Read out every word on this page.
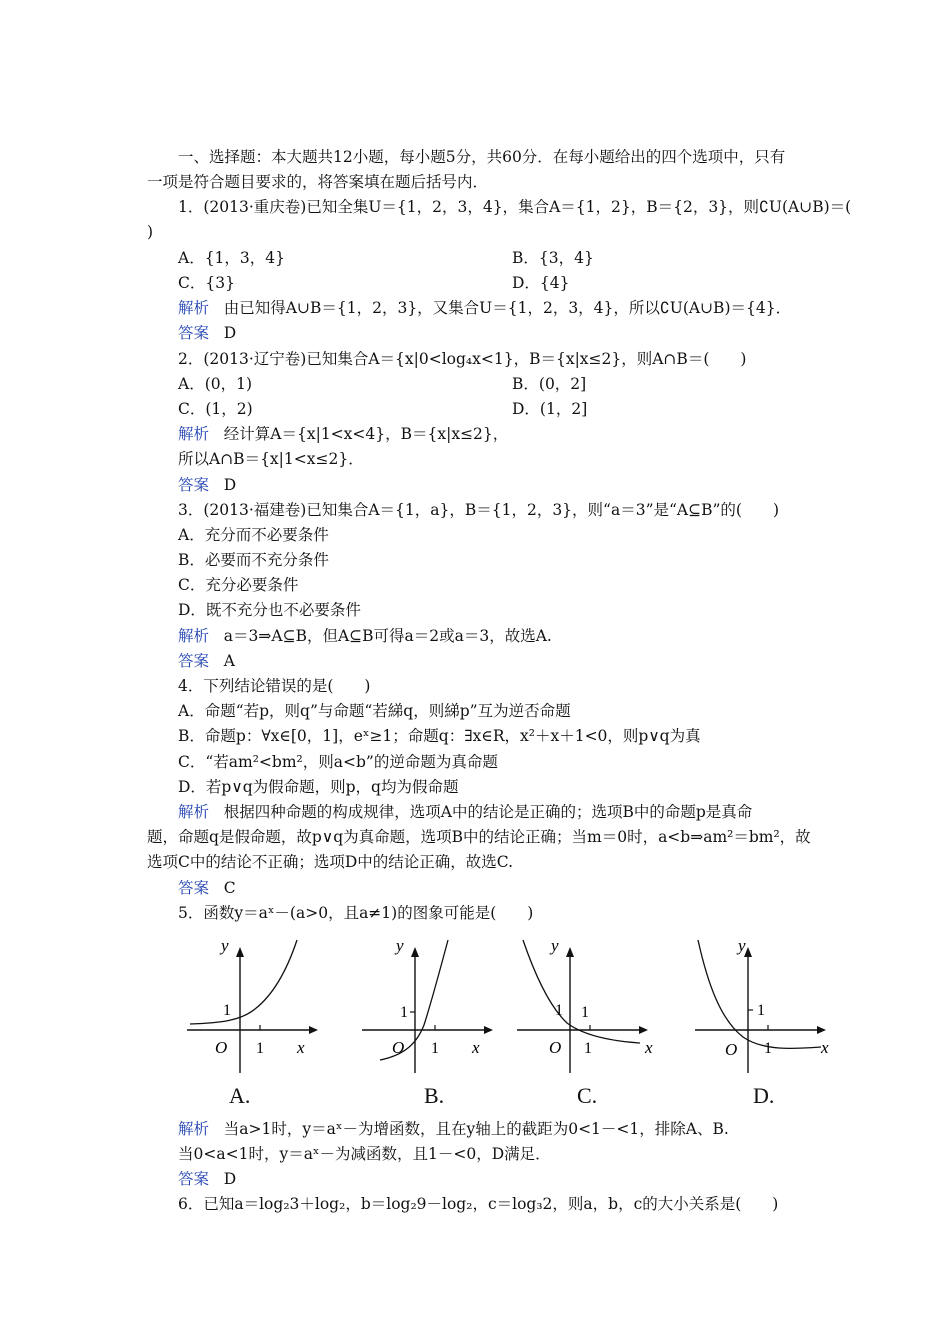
一、选择题：本大题共12小题，每小题5分，共60分．在每小题给出的四个选项中，只有
一项是符合题目要求的，将答案填在题后括号内．
1．(2013·重庆卷)已知全集U＝{1，2，3，4}，集合A＝{1，2}，B＝{2，3}，则∁U(A∪B)＝(
)
A．{1，3，4}	B．{3，4}
C．{3}	D．{4}
解析 由已知得A∪B＝{1，2，3}，又集合U＝{1，2，3，4}，所以∁U(A∪B)＝{4}．
答案 D
2．(2013·辽宁卷)已知集合A＝{x|0<log₄x<1}，B＝{x|x≤2}，则A∩B＝(　　)
A．(0，1)	B．(0，2]
C．(1，2)	D．(1，2]
解析 经计算A＝{x|1<x<4}，B＝{x|x≤2}，
所以A∩B＝{x|1<x≤2}．
答案 D
3．(2013·福建卷)已知集合A＝{1，a}，B＝{1，2，3}，则“a＝3”是“A⊆B”的(　　)
A．充分而不必要条件
B．必要而不充分条件
C．充分必要条件
D．既不充分也不必要条件
解析 a＝3⇒A⊆B，但A⊆B可得a＝2或a＝3，故选A.
答案 A
4．下列结论错误的是(　　)
A．命题“若p，则q”与命题“若綈q，则綈p”互为逆否命题
B．命题p：∀x∈[0，1]，eˣ≥1；命题q：∃x∈R，x²＋x＋1<0，则p∨q为真
C．“若am²<bm²，则a<b”的逆命题为真命题
D．若p∨q为假命题，则p，q均为假命题
解析 根据四种命题的构成规律，选项A中的结论是正确的；选项B中的命题p是真命
题，命题q是假命题，故p∨q为真命题，选项B中的结论正确；当m＝0时，a<b⇒am²＝bm²，故
选项C中的结论不正确；选项D中的结论正确，故选C.
答案 C
5．函数y＝aˣ－(a>0，且a≠1)的图象可能是(　　)
y
1
O 1 x
A.
y
1
O 1 x
B.
y
1 1
O 1	x
C.
y
1
O 1	x
D.
解析 当a>1时，y＝aˣ－为增函数，且在y轴上的截距为0<1－<1，排除A、B.
当0<a<1时，y＝aˣ－为减函数，且1－<0，D满足．
答案 D
6．已知a＝log₂3＋log₂，b＝log₂9－log₂，c＝log₃2，则a，b，c的大小关系是(　　)
